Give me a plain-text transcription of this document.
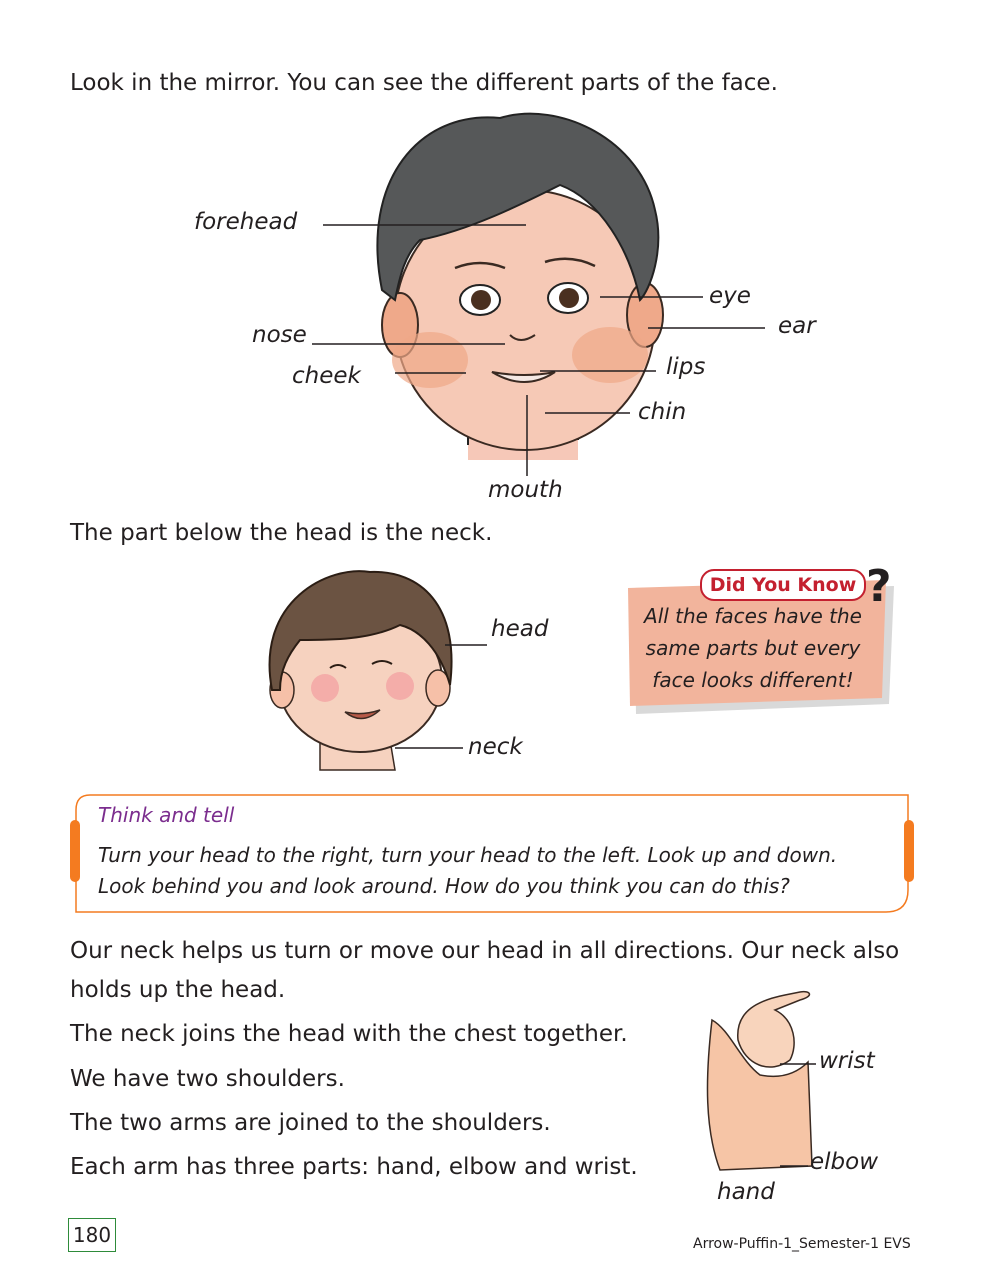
Look in the mirror. You can see the different parts of the face.
forehead
eye
ear
nose
cheek	lips
chin
mouth
The part below the head is the neck.
head
neck
Did You Know ?
All the faces have the
same parts but every
face looks different!
Think and tell
Turn your head to the right, turn your head to the left. Look up and down.
Look behind you and look around. How do you think you can do this?
Our neck helps us turn or move our head in all directions. Our neck also
holds up the head.
The neck joins the head with the chest together.
We have two shoulders.
The two arms are joined to the shoulders.
Each arm has three parts: hand, elbow and wrist.
wrist
elbow
hand
180	Arrow-Puffin-1_Semester-1 EVS
